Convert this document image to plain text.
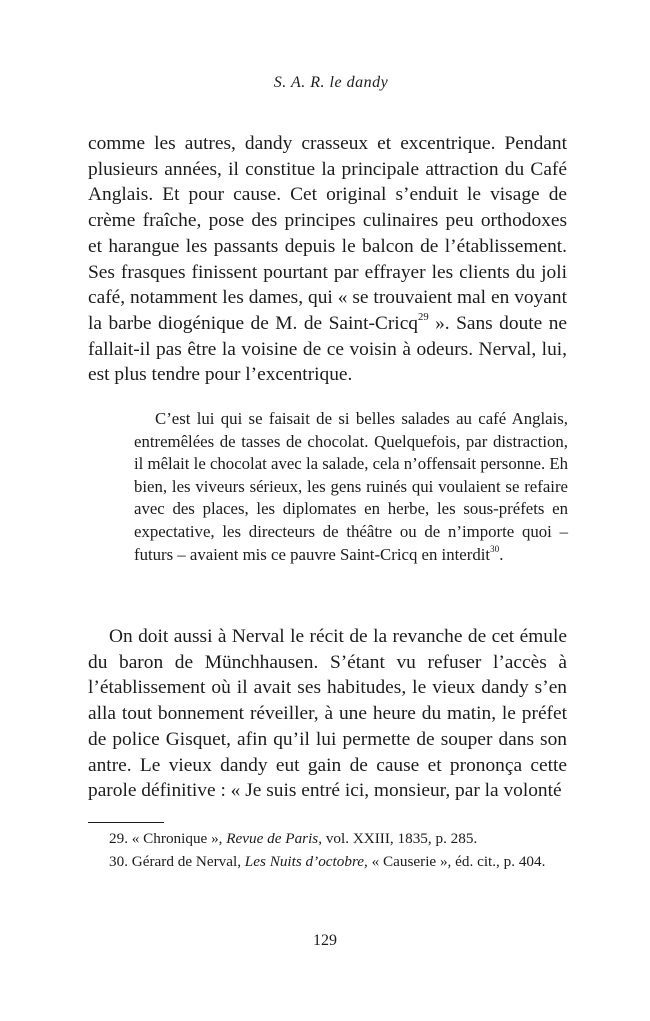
S. A. R. le dandy

comme les autres, dandy crasseux et excentrique. Pendant plusieurs années, il constitue la principale attraction du Café Anglais. Et pour cause. Cet original s’enduit le visage de crème fraîche, pose des principes culinaires peu orthodoxes et harangue les passants depuis le balcon de l’établissement. Ses frasques finissent pourtant par effrayer les clients du joli café, notamment les dames, qui « se trouvaient mal en voyant la barbe diogénique de M. de Saint-Cricq$^{29}$ ». Sans doute ne fallait-il pas être la voisine de ce voisin à odeurs. Nerval, lui, est plus tendre pour l’excentrique.

C’est lui qui se faisait de si belles salades au café Anglais, entremêlées de tasses de chocolat. Quelquefois, par distraction, il mêlait le chocolat avec la salade, cela n’offensait personne. Eh bien, les viveurs sérieux, les gens ruinés qui voulaient se refaire avec des places, les diplomates en herbe, les sous-préfets en expectative, les directeurs de théâtre ou de n’importe quoi – futurs – avaient mis ce pauvre Saint-Cricq en interdit$^{30}$.

On doit aussi à Nerval le récit de la revanche de cet émule du baron de Münchhausen. S’étant vu refuser l’accès à l’établissement où il avait ses habitudes, le vieux dandy s’en alla tout bonnement réveiller, à une heure du matin, le préfet de police Gisquet, afin qu’il lui permette de souper dans son antre. Le vieux dandy eut gain de cause et prononça cette parole définitive : « Je suis entré ici, monsieur, par la volonté

29. « Chronique », Revue de Paris, vol. XXIII, 1835, p. 285.

30. Gérard de Nerval, Les Nuits d’octobre, « Causerie », éd. cit., p. 404.

129
